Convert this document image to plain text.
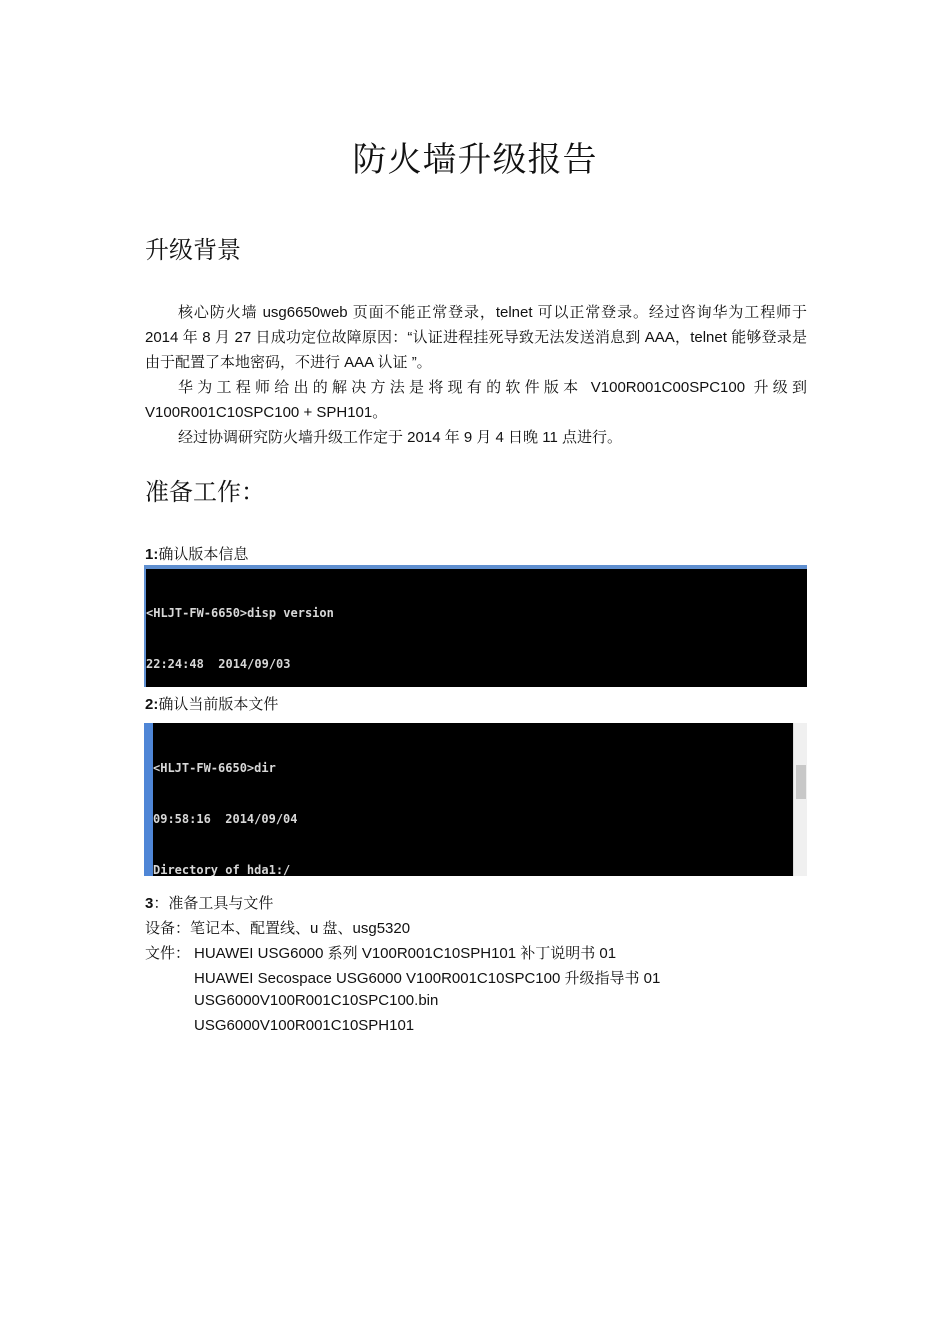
防火墙升级报告
升级背景

核心防火墙 usg6650web 页面不能正常登录，telnet 可以正常登录。经过咨询华为工程师于 2014 年 8 月 27 日成功定位故障原因：“认证进程挂死导致无法发送消息到 AAA，telnet 能够登录是由于配置了本地密码，不进行 AAA 认证 ”。

华为工程师给出的解决方法是将现有的软件版本 V100R001C00SPC100 升级到 V100R001C10SPC100 + SPH101。

经过协调研究防火墙升级工作定于 2014 年 9 月 4 日晚 11 点进行。

准备工作：
1:确认版本信息

<HLJT-FW-6650>disp version

22:24:48  2014/09/03

2:确认当前版本文件

<HLJT-FW-6650>dir

09:58:16  2014/09/04

Directory of hda1:/

3：准备工具与文件
设备：笔记本、配置线、u 盘、usg5320
文件： HUAWEI USG6000 系列 V100R001C10SPH101 补丁说明书 01
HUAWEI Secospace USG6000 V100R001C10SPC100 升级指导书 01
USG6000V100R001C10SPC100.bin
USG6000V100R001C10SPH101
